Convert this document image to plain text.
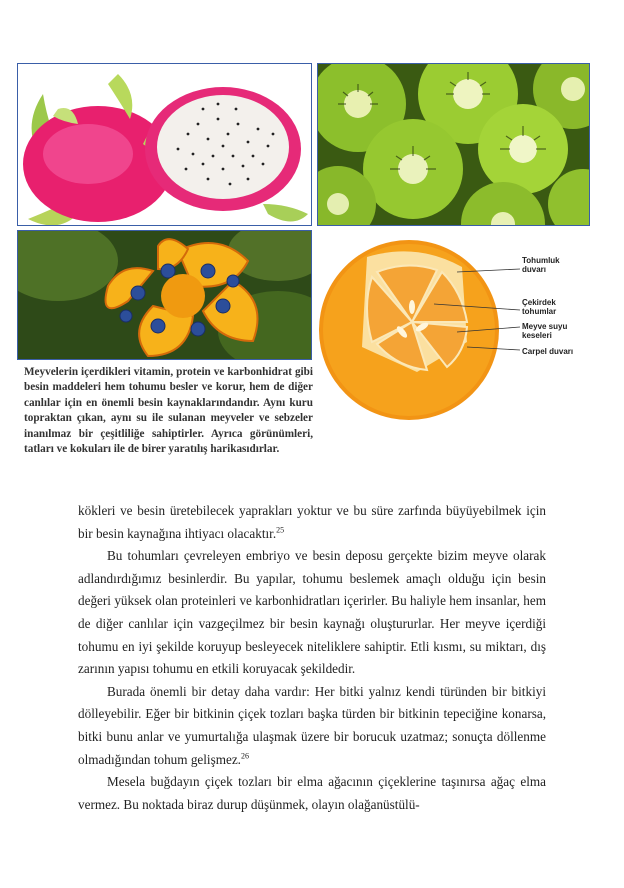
Tohumluk
duvarı
Çekirdek
tohumlar
Meyve suyu
keseleri
Carpel duvarı

Meyvelerin içerdikleri vitamin, protein ve karbonhidrat gibi besin maddeleri hem tohumu besler ve korur, hem de diğer canlılar için en önemli besin kaynaklarındandır. Aynı kuru topraktan çıkan, aynı su ile sulanan meyveler ve sebzeler inanılmaz bir çeşitliliğe sahiptirler. Ayrıca görünümleri, tatları ve kokuları ile de birer yaratılış harikasıdırlar.

kökleri ve besin üretebilecek yaprakları yoktur ve bu süre zarfında büyüyebilmek için bir besin kaynağına ihtiyacı olacaktır.$^{25}$

Bu tohumları çevreleyen embriyo ve besin deposu gerçekte bizim meyve olarak adlandırdığımız besinlerdir. Bu yapılar, tohumu beslemek amaçlı olduğu için besin değeri yüksek olan proteinleri ve karbonhidratları içerirler. Bu haliyle hem insanlar, hem de diğer canlılar için vazgeçilmez bir besin kaynağı oluştururlar. Her meyve içerdiği tohumu en iyi şekilde koruyup besleyecek niteliklere sahiptir. Etli kısmı, su miktarı, dış zarının yapısı tohumu en etkili koruyacak şekildedir.

Burada önemli bir detay daha vardır: Her bitki yalnız kendi türünden bir bitkiyi dölleyebilir. Eğer bir bitkinin çiçek tozları başka türden bir bitkinin tepeciğine konarsa, bitki bunu anlar ve yumurtalığa ulaşmak üzere bir borucuk uzatmaz; sonuçta döllenme olmadığından tohum gelişmez.$^{26}$

Mesela buğdayın çiçek tozları bir elma ağacının çiçeklerine taşınırsa ağaç elma vermez. Bu noktada biraz durup düşünmek, olayın olağanüstülü-
